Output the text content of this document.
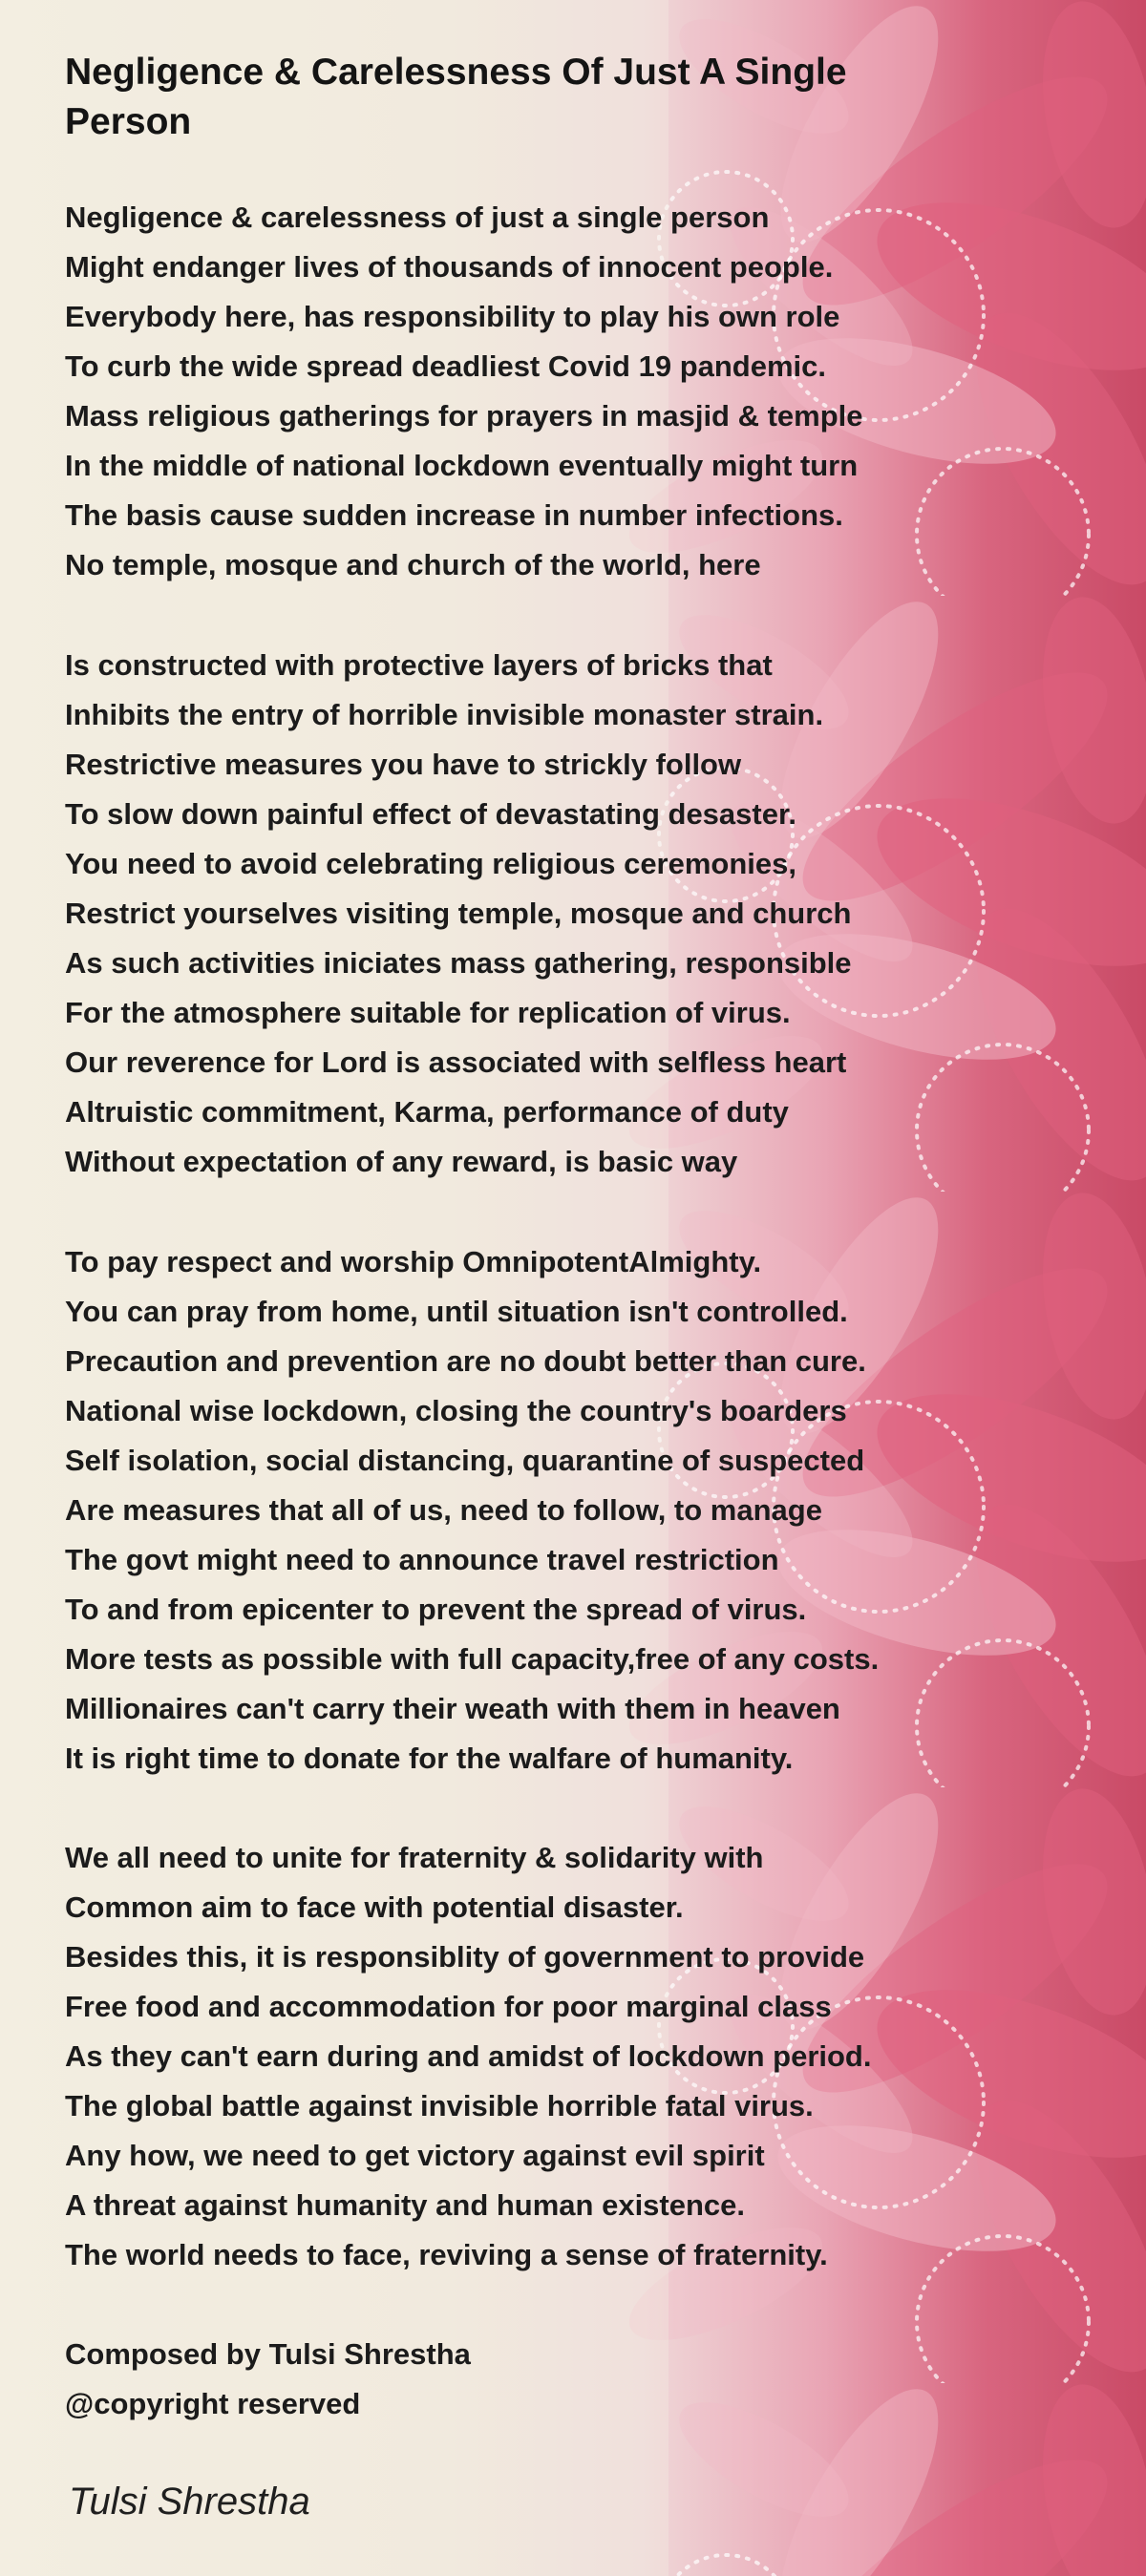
Negligence & Carelessness Of Just A Single Person
Negligence & carelessness of just a single person
Might endanger lives of thousands of innocent people.
Everybody here, has responsibility to play his own role
To curb the wide spread deadliest Covid 19 pandemic.
Mass religious gatherings for prayers in masjid & temple
In the middle of national lockdown eventually might turn
The basis cause sudden increase in number infections.
No temple, mosque and church of the world, here
Is constructed with protective layers of bricks that
Inhibits the entry of horrible invisible monaster strain.
Restrictive measures you have to strickly follow
To slow down painful effect of devastating desaster.
You need to avoid celebrating religious ceremonies,
Restrict yourselves visiting temple, mosque and church
As such activities iniciates mass gathering, responsible
For the atmosphere suitable for replication of virus.
Our reverence for Lord is associated with selfless heart
Altruistic commitment, Karma, performance of duty
Without expectation of any reward, is basic way
To pay respect and worship OmnipotentAlmighty.
You can pray from home, until situation isn't controlled.
Precaution and prevention are no doubt better than cure.
National wise lockdown, closing the country's boarders
Self isolation, social distancing, quarantine of suspected
Are measures that all of us, need to follow, to manage
The govt might need to announce travel restriction
To and from epicenter to prevent the spread of virus.
More tests as possible with full capacity,free of any costs.
Millionaires can't carry their weath with them in heaven
It is right time to donate for the walfare of humanity.
We all need to unite for fraternity & solidarity with
Common aim to face with potential disaster.
Besides this, it is responsiblity of government to provide
Free food and accommodation for poor marginal class
As they can't earn during and amidst of lockdown period.
The global battle against invisible horrible fatal virus.
Any how, we need to get victory against evil spirit
A threat against humanity and human existence.
The world needs to face, reviving a sense of fraternity.
Composed by Tulsi Shrestha
@copyright reserved
Tulsi Shrestha
